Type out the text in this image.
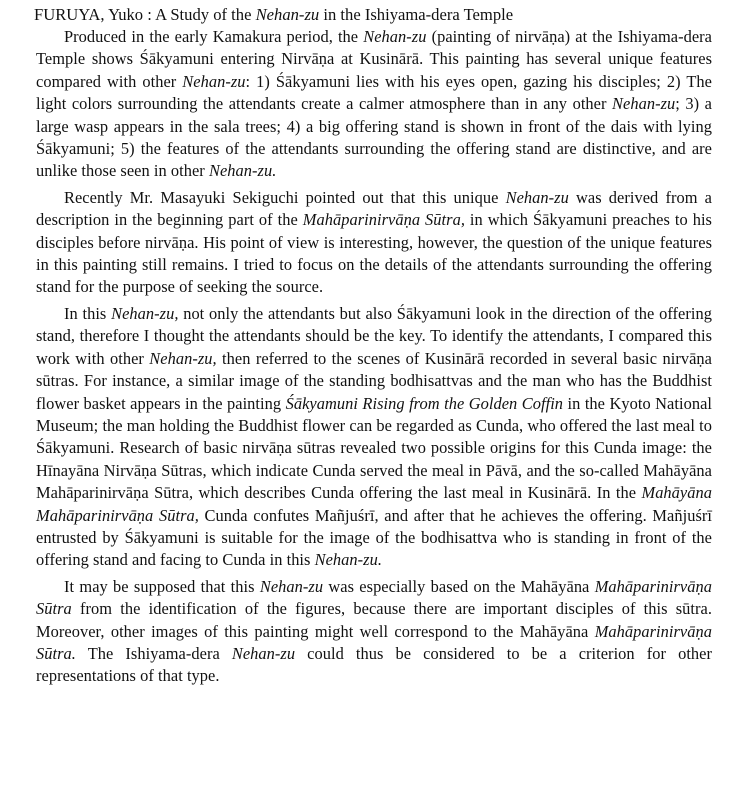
FURUYA, Yuko : A Study of the Nehan-zu in the Ishiyama-dera Temple

Produced in the early Kamakura period, the Nehan-zu (painting of nirvāṇa) at the Ishiyama-dera Temple shows Śākyamuni entering Nirvāṇa at Kusinārā. This painting has several unique features compared with other Nehan-zu: 1) Śākyamuni lies with his eyes open, gazing his disciples; 2) The light colors surrounding the attendants create a calmer atmosphere than in any other Nehan-zu; 3) a large wasp appears in the sala trees; 4) a big offering stand is shown in front of the dais with lying Śākyamuni; 5) the features of the attendants surrounding the offering stand are distinctive, and are unlike those seen in other Nehan-zu.

Recently Mr. Masayuki Sekiguchi pointed out that this unique Nehan-zu was derived from a description in the beginning part of the Mahāparinirvāṇa Sūtra, in which Śākyamuni preaches to his disciples before nirvāṇa. His point of view is interesting, however, the question of the unique features in this painting still remains. I tried to focus on the details of the attendants surrounding the offering stand for the purpose of seeking the source.

In this Nehan-zu, not only the attendants but also Śākyamuni look in the direction of the offering stand, therefore I thought the attendants should be the key. To identify the attendants, I compared this work with other Nehan-zu, then referred to the scenes of Kusinārā recorded in several basic nirvāṇa sūtras. For instance, a similar image of the standing bodhisattvas and the man who has the Buddhist flower basket appears in the painting Śākyamuni Rising from the Golden Coffin in the Kyoto National Museum; the man holding the Buddhist flower can be regarded as Cunda, who offered the last meal to Śākyamuni. Research of basic nirvāṇa sūtras revealed two possible origins for this Cunda image: the Hīnayāna Nirvāṇa Sūtras, which indicate Cunda served the meal in Pāvā, and the so-called Mahāyāna Mahāparinirvāṇa Sūtra, which describes Cunda offering the last meal in Kusinārā. In the Mahāyāna Mahāparinirvāṇa Sūtra, Cunda confutes Mañjuśrī, and after that he achieves the offering. Mañjuśrī entrusted by Śākyamuni is suitable for the image of the bodhisattva who is standing in front of the offering stand and facing to Cunda in this Nehan-zu.

It may be supposed that this Nehan-zu was especially based on the Mahāyāna Mahāparinirvāṇa Sūtra from the identification of the figures, because there are important disciples of this sūtra. Moreover, other images of this painting might well correspond to the Mahāyāna Mahāparinirvāṇa Sūtra. The Ishiyama-dera Nehan-zu could thus be considered to be a criterion for other representations of that type.
